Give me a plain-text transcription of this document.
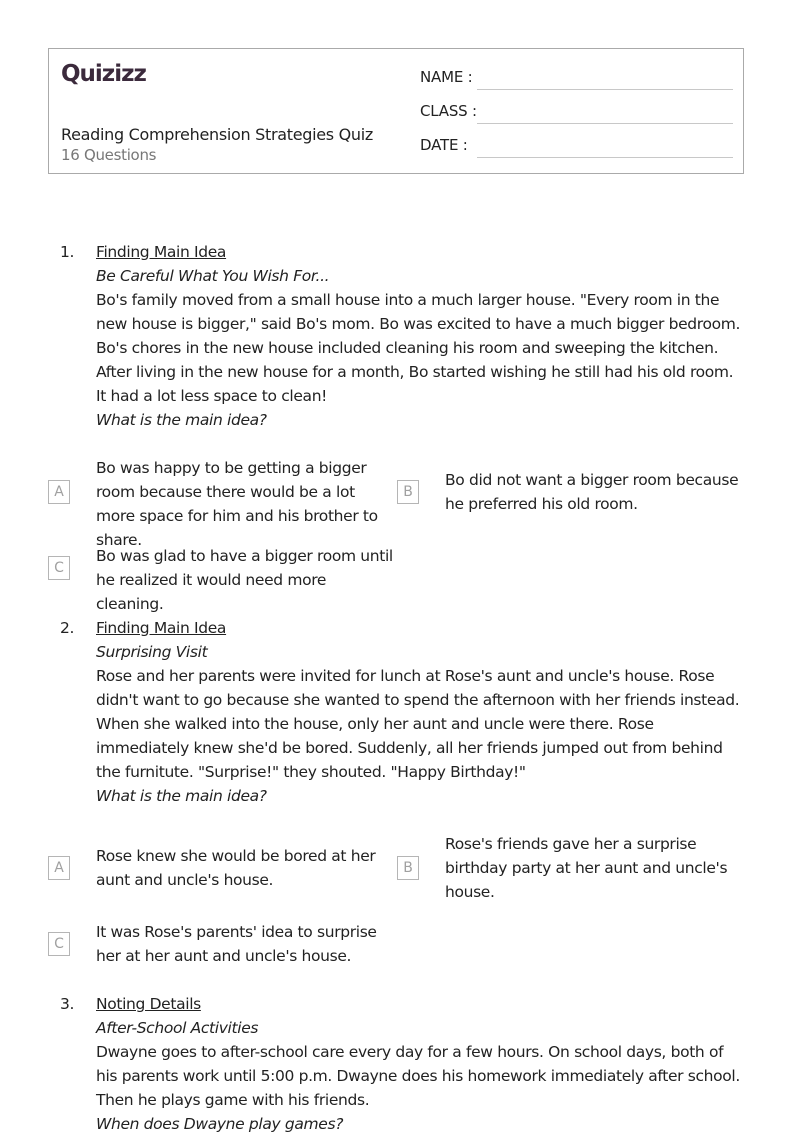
Quizizz
Reading Comprehension Strategies Quiz
16 Questions
NAME :
CLASS :
DATE :
1. Finding Main Idea
Be Careful What You Wish For...
Bo's family moved from a small house into a much larger house. "Every room in the new house is bigger," said Bo's mom. Bo was excited to have a much bigger bedroom. Bo's chores in the new house included cleaning his room and sweeping the kitchen. After living in the new house for a month, Bo started wishing he still had his old room. It had a lot less space to clean!
What is the main idea?
A
Bo was happy to be getting a bigger room because there would be a lot more space for him and his brother to share.
B
Bo did not want a bigger room because he preferred his old room.
C
Bo was glad to have a bigger room until he realized it would need more cleaning.
2. Finding Main Idea
Surprising Visit
Rose and her parents were invited for lunch at Rose's aunt and uncle's house. Rose didn't want to go because she wanted to spend the afternoon with her friends instead. When she walked into the house, only her aunt and uncle were there. Rose immediately knew she'd be bored. Suddenly, all her friends jumped out from behind the furnitute. "Surprise!" they shouted. "Happy Birthday!"
What is the main idea?
A
Rose knew she would be bored at her aunt and uncle's house.
B
Rose's friends gave her a surprise birthday party at her aunt and uncle's house.
C
It was Rose's parents' idea to surprise her at her aunt and uncle's house.
3. Noting Details
After-School Activities
Dwayne goes to after-school care every day for a few hours. On school days, both of his parents work until 5:00 p.m. Dwayne does his homework immediately after school. Then he plays game with his friends.
When does Dwayne play games?
